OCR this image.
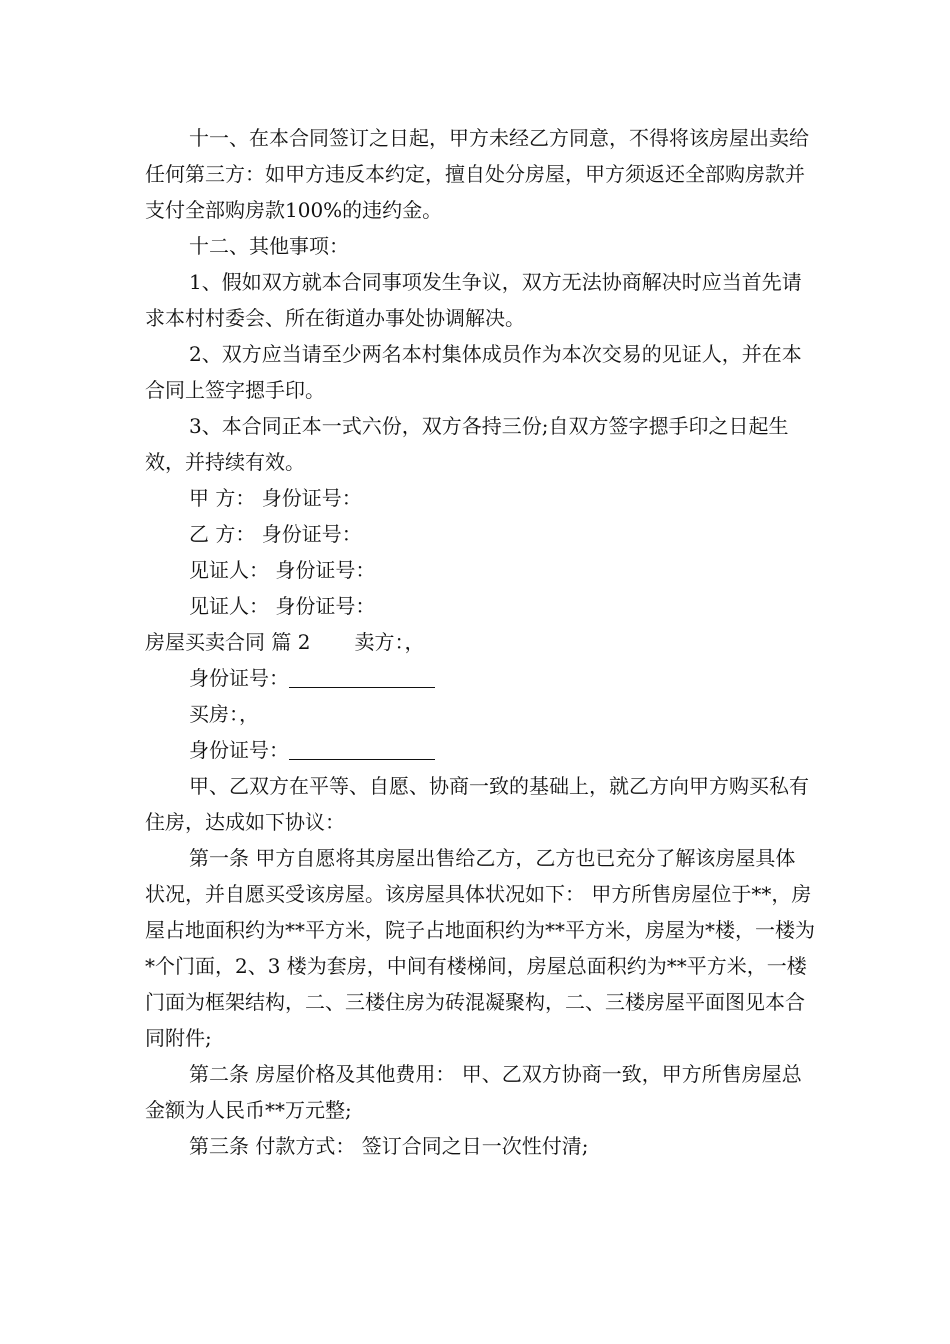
十一、在本合同签订之日起，甲方未经乙方同意，不得将该房屋出卖给任何第三方：如甲方违反本约定，擅自处分房屋，甲方须返还全部购房款并支付全部购房款100%的违约金。

十二、其他事项：

1、假如双方就本合同事项发生争议，双方无法协商解决时应当首先请求本村村委会、所在街道办事处协调解决。

2、双方应当请至少两名本村集体成员作为本次交易的见证人，并在本合同上签字摁手印。

3、本合同正本一式六份，双方各持三份;自双方签字摁手印之日起生效，并持续有效。

甲 方： 身份证号：

乙 方： 身份证号：

见证人： 身份证号：

见证人： 身份证号：

房屋买卖合同 篇 2 卖方：，

身份证号：

买房：，

身份证号：

甲、乙双方在平等、自愿、协商一致的基础上，就乙方向甲方购买私有住房，达成如下协议：

第一条 甲方自愿将其房屋出售给乙方，乙方也已充分了解该房屋具体状况，并自愿买受该房屋。该房屋具体状况如下： 甲方所售房屋位于**，房屋占地面积约为**平方米，院子占地面积约为**平方米，房屋为*楼，一楼为*个门面，2、3 楼为套房，中间有楼梯间，房屋总面积约为**平方米，一楼门面为框架结构，二、三楼住房为砖混凝聚构，二、三楼房屋平面图见本合同附件;

第二条 房屋价格及其他费用： 甲、乙双方协商一致，甲方所售房屋总金额为人民币**万元整;

第三条 付款方式： 签订合同之日一次性付清;
